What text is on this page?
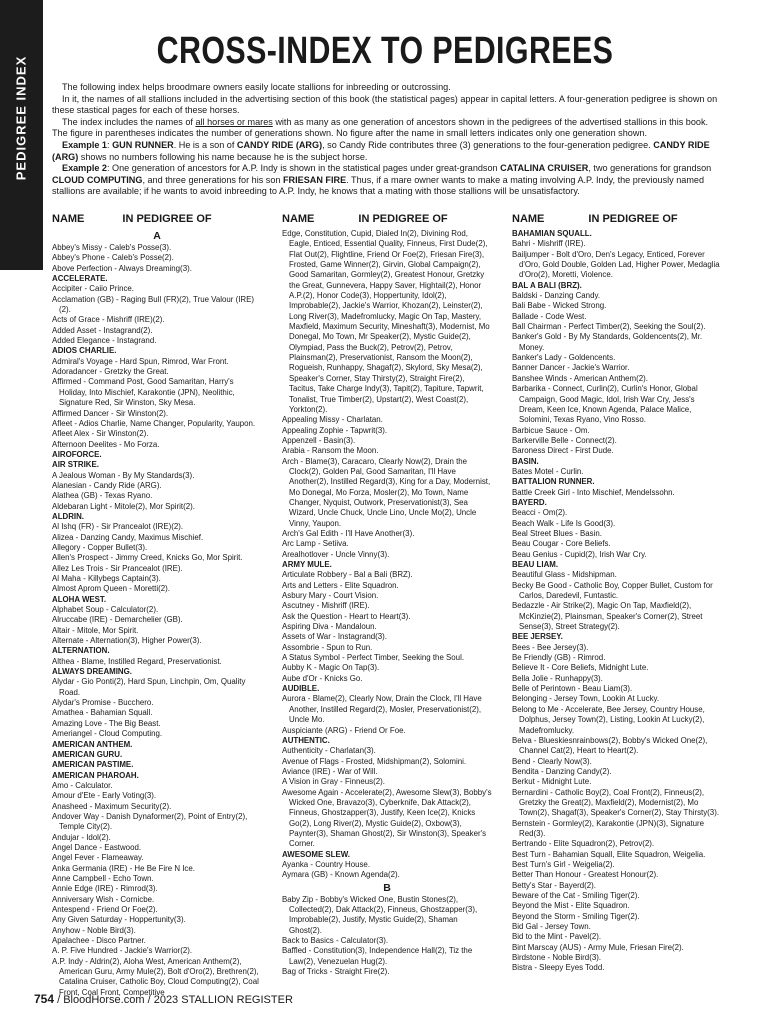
PEDIGREE INDEX
CROSS-INDEX TO PEDIGREES

The following index helps broodmare owners easily locate stallions for inbreeding or outcrossing.

In it, the names of all stallions included in the advertising section of this book (the statistical pages) appear in capital letters. A four-generation pedigree is shown on these stastical pages for each of these horses.

The index includes the names of all horses or mares with as many as one generation of ancestors shown in the pedigrees of the advertised stallions in this book. The figure in parentheses indicates the number of generations shown. No figure after the name in small letters indicates only one generation shown.

Example 1: GUN RUNNER. He is a son of CANDY RIDE (ARG), so Candy Ride contributes three (3) generations to the four-generation pedigree. CANDY RIDE (ARG) shows no numbers following his name because he is the subject horse.

Example 2: One generation of ancestors for A.P. Indy is shown in the statistical pages under great-grandson CATALINA CRUISER, two generations for grandson CLOUD COMPUTING, and three generations for his son FRIESAN FIRE. Thus, if a mare owner wants to make a mating involving A.P. Indy, the previously named stallions are available; if he wants to avoid inbreeding to A.P. Indy, he knows that a mating with those stallions will be unsatisfactory.

NAME	IN PEDIGREE OF
A
Abbey's Missy - Caleb's Posse(3).
Abbey's Phone - Caleb's Posse(2).
Above Perfection - Always Dreaming(3).
ACCELERATE.
Accipiter - Caiio Prince.
Acclamation (GB) - Raging Bull (FR)(2), True Valour (IRE)(2).
Acts of Grace - Mishriff (IRE)(2).
Added Asset - Instagrand(2).
Added Elegance - Instagrand.
ADIOS CHARLIE.
Admiral's Voyage - Hard Spun, Rimrod, War Front.
Adoradancer - Gretzky the Great.
Affirmed - Command Post, Good Samaritan, Harry's Holiday, Into Mischief, Karakontie (JPN), Neolithic, Signature Red, Sir Winston, Sky Mesa.
Affirmed Dancer - Sir Winston(2).
Afleet - Adios Charlie, Name Changer, Popularity, Yaupon.
Afleet Alex - Sir Winston(2).
Afternoon Deelites - Mo Forza.
AIROFORCE.
AIR STRIKE.
A Jealous Woman - By My Standards(3).
Alanesian - Candy Ride (ARG).
Alathea (GB) - Texas Ryano.
Aldebaran Light - Mitole(2), Mor Spirit(2).
ALDRIN.
Al Ishq (FR) - Sir Prancealot (IRE)(2).
Alizea - Danzing Candy, Maximus Mischief.
Allegory - Copper Bullet(3).
Allen's Prospect - Jimmy Creed, Knicks Go, Mor Spirit.
Allez Les Trois - Sir Prancealot (IRE).
Al Maha - Killybegs Captain(3).
Almost Aprom Queen - Moretti(2).
ALOHA WEST.
Alphabet Soup - Calculator(2).
Alruccabe (IRE) - Demarchelier (GB).
Altair - Mitole, Mor Spirit.
Alternate - Alternation(3), Higher Power(3).
ALTERNATION.
Althea - Blame, Instilled Regard, Preservationist.
ALWAYS DREAMING.
Alydar - Gio Ponti(2), Hard Spun, Linchpin, Om, Quality Road.
Alydar's Promise - Bucchero.
Amathea - Bahamian Squall.
Amazing Love - The Big Beast.
Ameriangel - Cloud Computing.
AMERICAN ANTHEM.
AMERICAN GURU.
AMERICAN PASTIME.
AMERICAN PHAROAH.
Amo - Calculator.
Amour d'Ete - Early Voting(3).
Anasheed - Maximum Security(2).
Andover Way - Danish Dynaformer(2), Point of Entry(2), Temple City(2).
Andujar - Idol(2).
Angel Dance - Eastwood.
Angel Fever - Flameaway.
Anka Germania (IRE) - He Be Fire N Ice.
Anne Campbell - Echo Town.
Annie Edge (IRE) - Rimrod(3).
Anniversary Wish - Cornicbe.
Antespend - Friend Or Foe(2).
Any Given Saturday - Hoppertunity(3).
Anyhow - Noble Bird(3).
Apalachee - Disco Partner.
A. P. Five Hundred - Jackie's Warrior(2).
A.P. Indy - Aldrin(2), Aloha West, American Anthem(2), American Guru, Army Mule(2), Bolt d'Oro(2), Brethren(2), Catalina Cruiser, Catholic Boy, Cloud Computing(2), Coal Front, Coal Front, Competitive
NAME	IN PEDIGREE OF
Edge, Constitution, Cupid, Dialed In(2), Divining Rod, Eagle, Enticed, Essential Quality, Finneus, First Dude(2), Flat Out(2), Flightline, Friend Or Foe(2), Friesan Fire(3), Frosted, Game Winner(2), Girvin, Global Campaign(2), Good Samaritan, Gormley(2), Greatest Honour, Gretzky the Great, Gunnevera, Happy Saver, Hightail(2), Honor A.P.(2), Honor Code(3), Hoppertunity, Idol(2), Improbable(2), Jackie's Warrior, Khozan(2), Leinster(2), Long River(3), Madefromlucky, Magic On Tap, Mastery, Maxfield, Maximum Security, Mineshaft(3), Modernist, Mo Donegal, Mo Town, Mr Speaker(2), Mystic Guide(2), Olympiad, Pass the Buck(2), Petrov(2), Petrov, Plainsman(2), Preservationist, Ransom the Moon(2), Rogueish, Runhappy, Shagaf(2), Skylord, Sky Mesa(2), Speaker's Corner, Stay Thirsty(2), Straight Fire(2), Tacitus, Take Charge Indy(3), Tapit(2), Tapiture, Tapwrit, Tonalist, True Timber(2), Upstart(2), West Coast(2), Yorkton(2).
Appealing Missy - Charlatan.
Appealing Zophie - Tapwrit(3).
Appenzell - Basin(3).
Arabia - Ransom the Moon.
Arch - Blame(3), Caracaro, Clearly Now(2), Drain the Clock(2), Golden Pal, Good Samaritan, I'll Have Another(2), Instilled Regard(3), King for a Day, Modernist, Mo Donegal, Mo Forza, Mosler(2), Mo Town, Name Changer, Nyquist, Outwork, Preservationist(3), Sea Wizard, Uncle Chuck, Uncle Lino, Uncle Mo(2), Uncle Vinny, Yaupon.
Arch's Gal Edith - I'll Have Another(3).
Arc Lamp - Setiiva.
Arealhotlover - Uncle Vinny(3).
ARMY MULE.
Articulate Robbery - Bal a Bali (BRZ).
Arts and Letters - Elite Squadron.
Asbury Mary - Court Vision.
Ascutney - Mishriff (IRE).
Ask the Question - Heart to Heart(3).
Aspiring Diva - Mandaloun.
Assets of War - Instagrand(3).
Assombrie - Spun to Run.
A Status Symbol - Perfect Timber, Seeking the Soul.
Aubby K - Magic On Tap(3).
Aube d'Or - Knicks Go.
AUDIBLE.
Aurora - Blame(2), Clearly Now, Drain the Clock, I'll Have Another, Instilled Regard(2), Mosler, Preservationist(2), Uncle Mo.
Auspiciante (ARG) - Friend Or Foe.
AUTHENTIC.
Authenticity - Charlatan(3).
Avenue of Flags - Frosted, Midshipman(2), Solomini.
Aviance (IRE) - War of Will.
A Vision in Gray - Finneus(2).
Awesome Again - Accelerate(2), Awesome Slew(3), Bobby's Wicked One, Bravazo(3), Cyberknife, Dak Attack(2), Finneus, Ghostzapper(3), Justify, Keen Ice(2), Knicks Go(2), Long River(2), Mystic Guide(2), Oxbow(3), Paynter(3), Shaman Ghost(2), Sir Winston(3), Speaker's Corner.
AWESOME SLEW.
Ayanka - Country House.
Aymara (GB) - Known Agenda(2).
B
Baby Zip - Bobby's Wicked One, Bustin Stones(2), Collected(2), Dak Attack(2), Finneus, Ghostzapper(3), Improbable(2), Justify, Mystic Guide(2), Shaman Ghost(2).
Back to Basics - Calculator(3).
Baffled - Constitution(3), Independence Hall(2), Tiz the Law(2), Venezuelan Hug(2).
Bag of Tricks - Straight Fire(2).
NAME	IN PEDIGREE OF
BAHAMIAN SQUALL.
Bahri - Mishriff (IRE).
Bailjumper - Bolt d'Oro, Den's Legacy, Enticed, Forever d'Oro, Gold Double, Golden Lad, Higher Power, Medaglia d'Oro(2), Moretti, Violence.
BAL A BALI (BRZ).
Baldski - Danzing Candy.
Bali Babe - Wicked Strong.
Ballade - Code West.
Ball Chairman - Perfect Timber(2), Seeking the Soul(2).
Banker's Gold - By My Standards, Goldencents(2), Mr. Money.
Banker's Lady - Goldencents.
Banner Dancer - Jackie's Warrior.
Banshee Winds - American Anthem(2).
Barbarika - Connect, Curlin(2), Curlin's Honor, Global Campaign, Good Magic, Idol, Irish War Cry, Jess's Dream, Keen Ice, Known Agenda, Palace Malice, Solomini, Texas Ryano, Vino Rosso.
Barbicue Sauce - Om.
Barkerville Belle - Connect(2).
Baroness Direct - First Dude.
BASIN.
Bates Motel - Curlin.
BATTALION RUNNER.
Battle Creek Girl - Into Mischief, Mendelssohn.
BAYERD.
Beacci - Om(2).
Beach Walk - Life Is Good(3).
Beal Street Blues - Basin.
Beau Cougar - Core Beliefs.
Beau Genius - Cupid(2), Irish War Cry.
BEAU LIAM.
Beautiful Glass - Midshipman.
Becky Be Good - Catholic Boy, Copper Bullet, Custom for Carlos, Daredevil, Funtastic.
Bedazzle - Air Strike(2), Magic On Tap, Maxfield(2), McKinzie(2), Plainsman, Speaker's Corner(2), Street Sense(3), Street Strategy(2).
BEE JERSEY.
Bees - Bee Jersey(3).
Be Friendly (GB) - Rimrod.
Believe It - Core Beliefs, Midnight Lute.
Bella Jolie - Runhappy(3).
Belle of Perintown - Beau Liam(3).
Belonging - Jersey Town, Lookin At Lucky.
Belong to Me - Accelerate, Bee Jersey, Country House, Dolphus, Jersey Town(2), Listing, Lookin At Lucky(2), Madefromlucky.
Belva - Blueskiesnrainbows(2), Bobby's Wicked One(2), Channel Cat(2), Heart to Heart(2).
Bend - Clearly Now(3).
Bendita - Danzing Candy(2).
Berkut - Midnight Lute.
Bernardini - Catholic Boy(2), Coal Front(2), Finneus(2), Gretzky the Great(2), Maxfield(2), Modernist(2), Mo Town(2), Shagaf(3), Speaker's Corner(2), Stay Thirsty(3).
Bernstein - Gormley(2), Karakontie (JPN)(3), Signature Red(3).
Bertrando - Elite Squadron(2), Petrov(2).
Best Turn - Bahamian Squall, Elite Squadron, Weigelia.
Best Turn's Girl - Weigelia(2).
Better Than Honour - Greatest Honour(2).
Betty's Star - Bayerd(2).
Beware of the Cat - Smiling Tiger(2).
Beyond the Mist - Elite Squadron.
Beyond the Storm - Smiling Tiger(2).
Bid Gal - Jersey Town.
Bid to the Mint - Pavel(2).
Bint Marscay (AUS) - Army Mule, Friesan Fire(2).
Birdstone - Noble Bird(3).
Bistra - Sleepy Eyes Todd.
754 / BloodHorse.com / 2023 STALLION REGISTER
